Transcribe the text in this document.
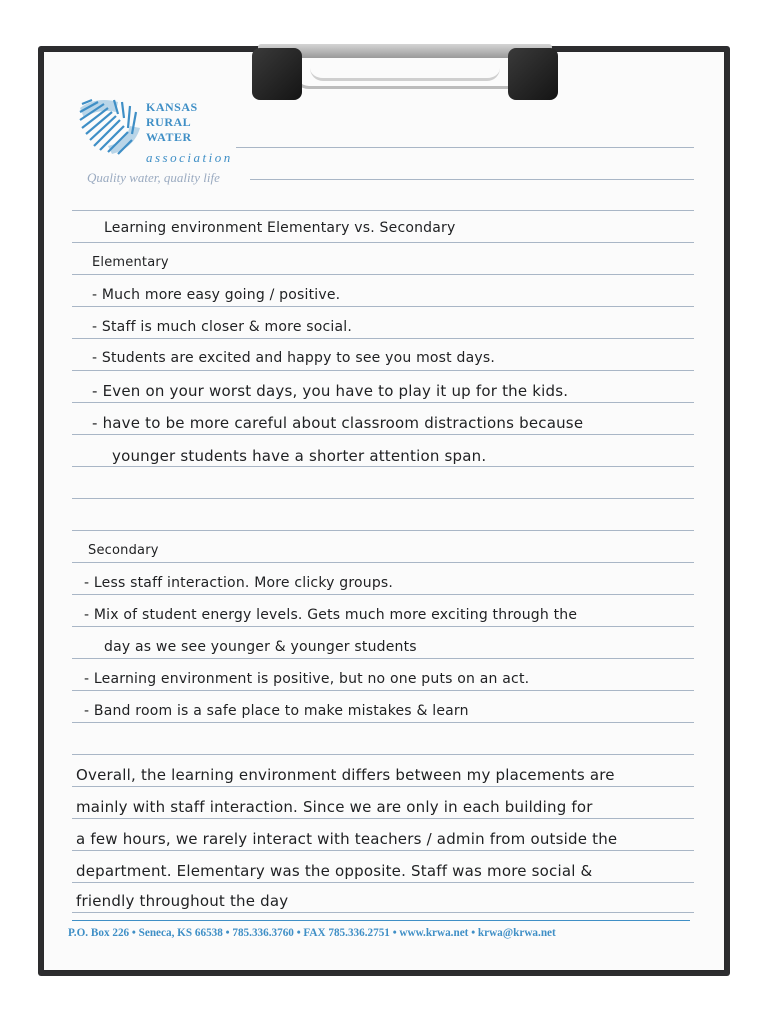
KANSAS
RURAL
WATER
association
Quality water, quality life
Learning environment Elementary vs. Secondary
Elementary
- Much more easy going / positive.
- Staff is much closer & more social.
- Students are excited and happy to see you most days.
- Even on your worst days, you have to play it up for the kids.
- have to be more careful about classroom distractions because
younger students have a shorter attention span.
Secondary
- Less staff interaction. More clicky groups.
- Mix of student energy levels. Gets much more exciting through the
day as we see younger & younger students
- Learning environment is positive, but no one puts on an act.
- Band room is a safe place to make mistakes & learn
Overall, the learning environment differs between my placements are
mainly with staff interaction. Since we are only in each building for
a few hours, we rarely interact with teachers / admin from outside the
department. Elementary was the opposite. Staff was more social &
friendly throughout the day
P.O. Box 226 • Seneca, KS 66538 • 785.336.3760 • FAX 785.336.2751 • www.krwa.net • krwa@krwa.net
